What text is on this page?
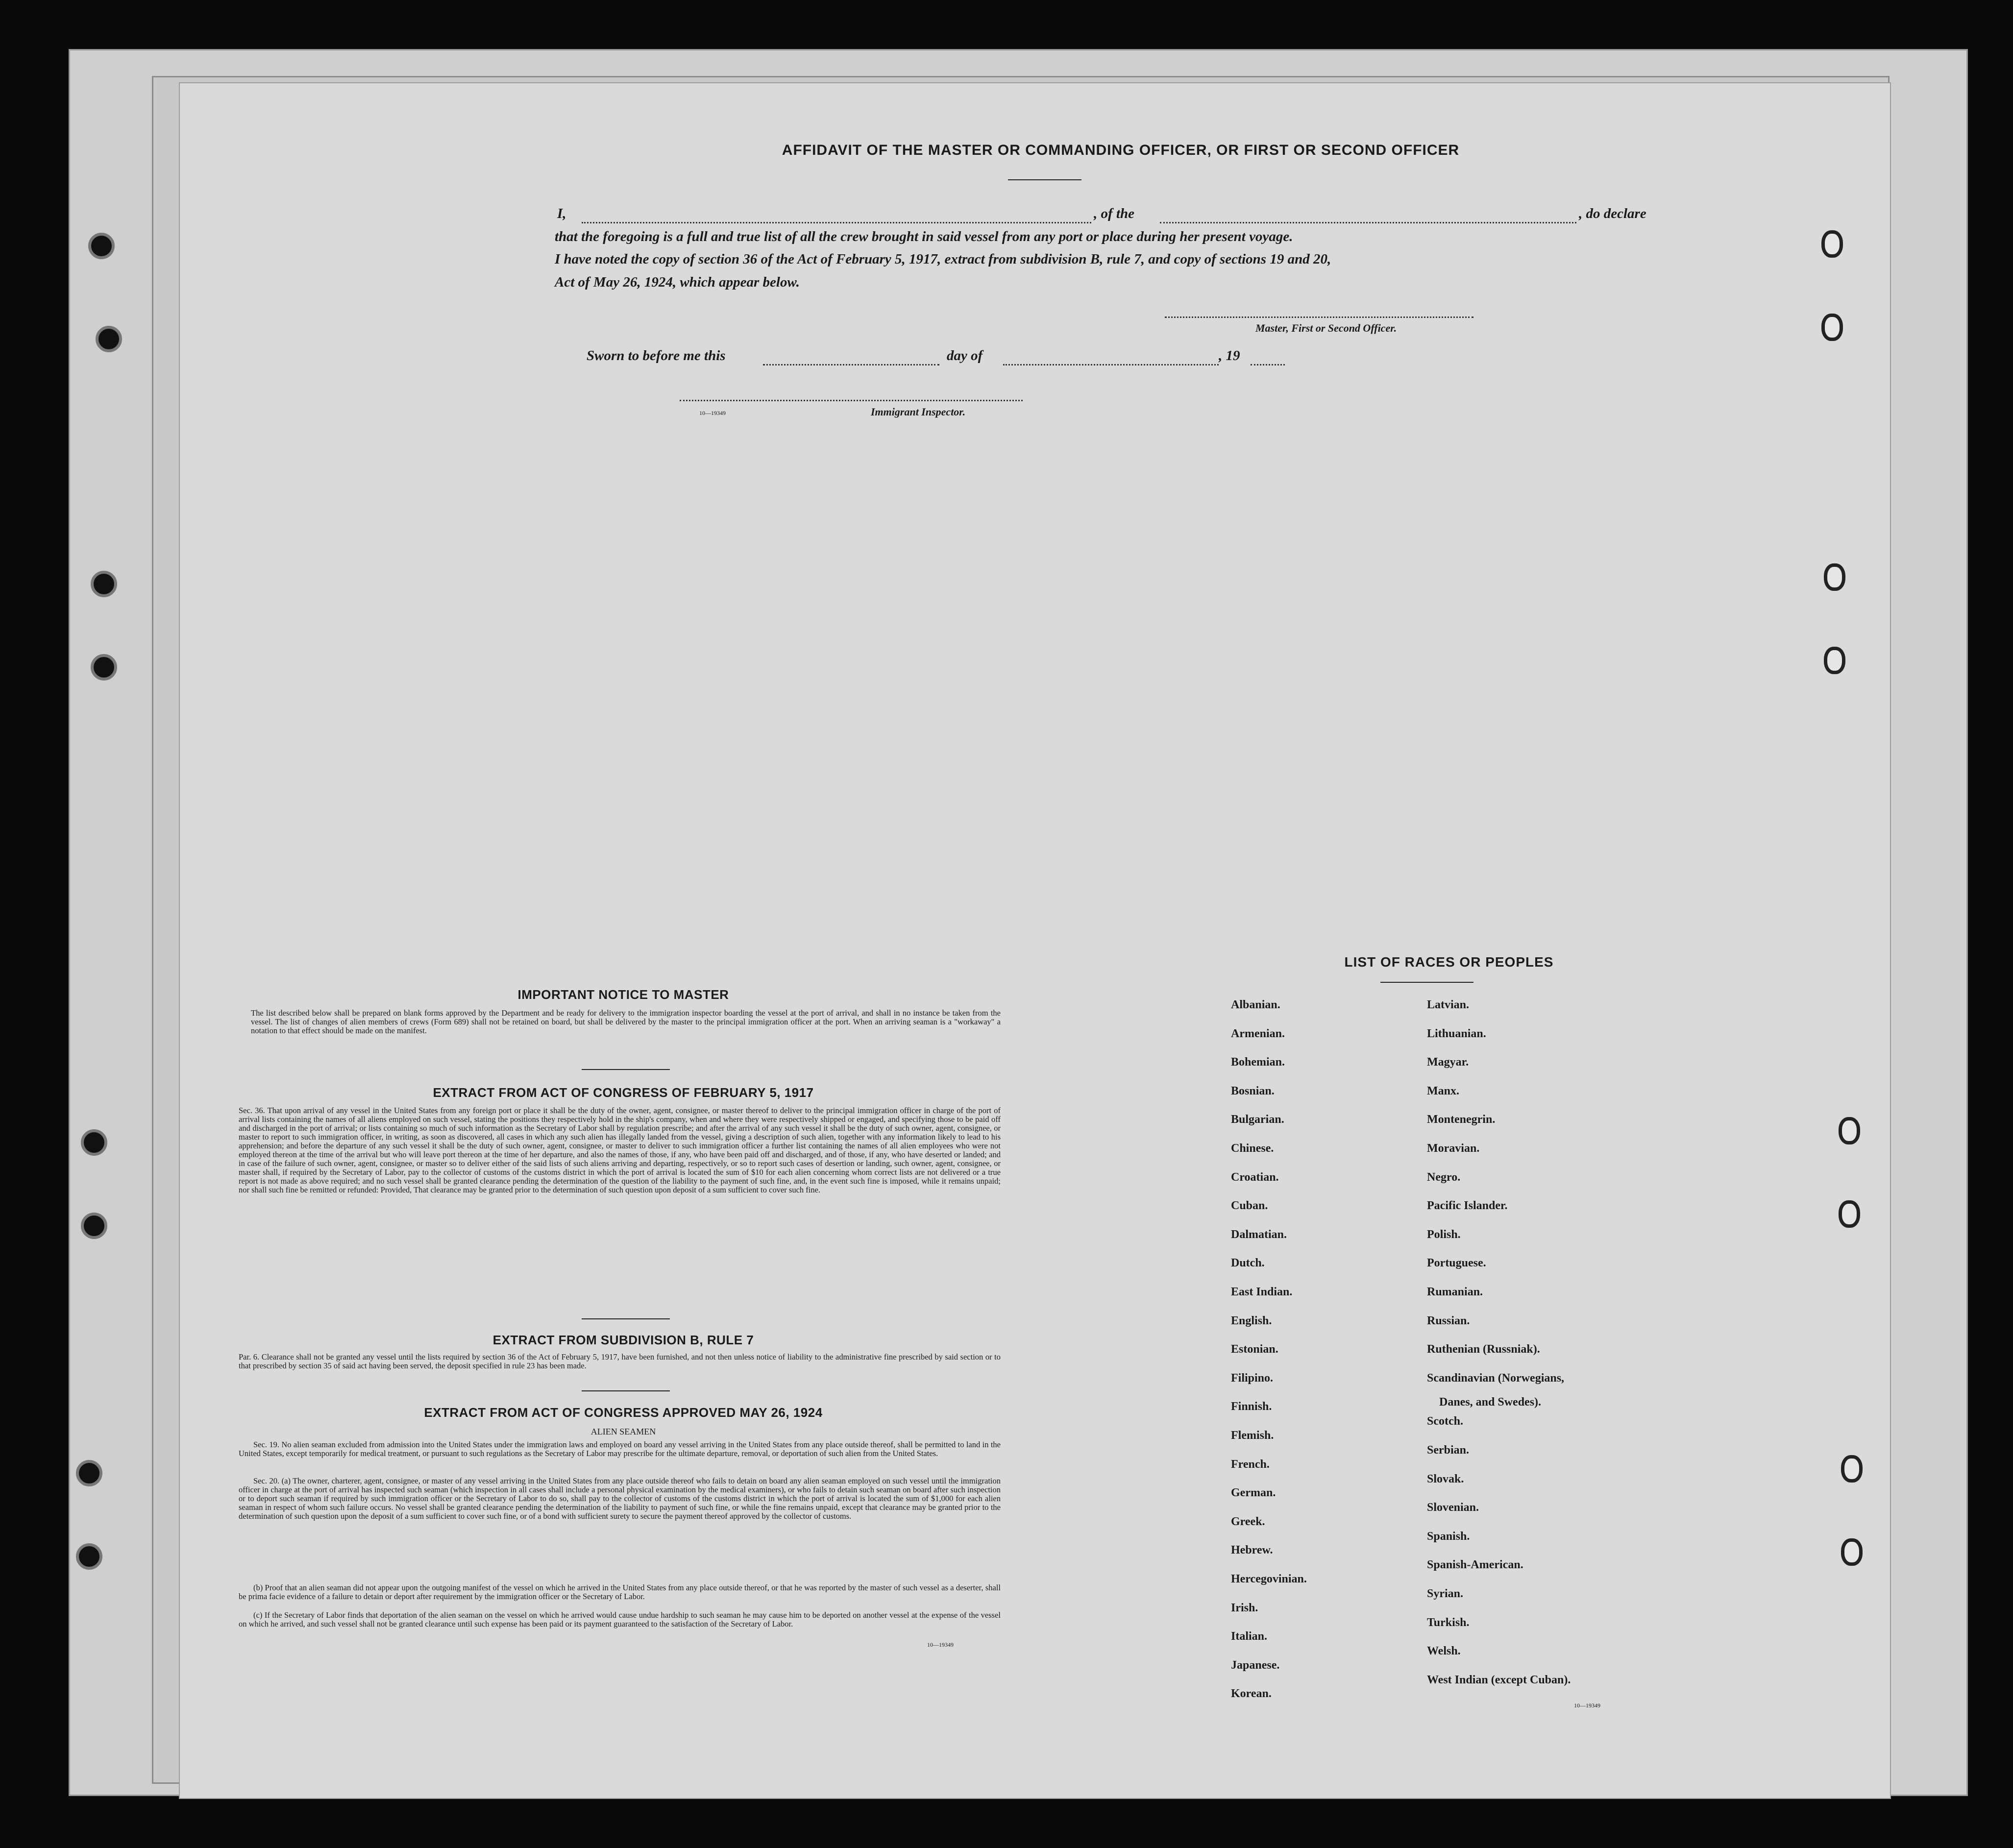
AFFIDAVIT OF THE MASTER OR COMMANDING OFFICER, OR FIRST OR SECOND OFFICER
I,	, of the	, do declare
that the foregoing is a full and true list of all the crew brought in said vessel from any port or place during her present voyage.
I have noted the copy of section 36 of the Act of February 5, 1917, extract from subdivision B, rule 7, and copy of sections 19 and 20,
Act of May 26, 1924, which appear below.
Master, First or Second Officer.
Sworn to before me this	day of	, 19
10—19349	Immigrant Inspector.
IMPORTANT NOTICE TO MASTER
The list described below shall be prepared on blank forms approved by the Department and be ready for delivery to the immigration inspector boarding the vessel at the port of arrival, and shall in no instance be taken from the vessel. The list of changes of alien members of crews (Form 689) shall not be retained on board, but shall be delivered by the master to the principal immigration officer at the port. When an arriving seaman is a "workaway" a notation to that effect should be made on the manifest.
EXTRACT FROM ACT OF CONGRESS OF FEBRUARY 5, 1917
Sec. 36. That upon arrival of any vessel in the United States from any foreign port or place it shall be the duty of the owner, agent, consignee, or master thereof to deliver to the principal immigration officer in charge of the port of arrival lists containing the names of all aliens employed on such vessel, stating the positions they respectively hold in the ship's company, when and where they were respectively shipped or engaged, and specifying those to be paid off and discharged in the port of arrival; or lists containing so much of such information as the Secretary of Labor shall by regulation prescribe; and after the arrival of any such vessel it shall be the duty of such owner, agent, consignee, or master to report to such immigration officer, in writing, as soon as discovered, all cases in which any such alien has illegally landed from the vessel, giving a description of such alien, together with any information likely to lead to his apprehension; and before the departure of any such vessel it shall be the duty of such owner, agent, consignee, or master to deliver to such immigration officer a further list containing the names of all alien employees who were not employed thereon at the time of the arrival but who will leave port thereon at the time of her departure, and also the names of those, if any, who have been paid off and discharged, and of those, if any, who have deserted or landed; and in case of the failure of such owner, agent, consignee, or master so to deliver either of the said lists of such aliens arriving and departing, respectively, or so to report such cases of desertion or landing, such owner, agent, consignee, or master shall, if required by the Secretary of Labor, pay to the collector of customs of the customs district in which the port of arrival is located the sum of $10 for each alien concerning whom correct lists are not delivered or a true report is not made as above required; and no such vessel shall be granted clearance pending the determination of the question of the liability to the payment of such fine, and, in the event such fine is imposed, while it remains unpaid; nor shall such fine be remitted or refunded: Provided, That clearance may be granted prior to the determination of such question upon deposit of a sum sufficient to cover such fine.
EXTRACT FROM SUBDIVISION B, RULE 7
Par. 6. Clearance shall not be granted any vessel until the lists required by section 36 of the Act of February 5, 1917, have been furnished, and not then unless notice of liability to the administrative fine prescribed by said section or to that prescribed by section 35 of said act having been served, the deposit specified in rule 23 has been made.
EXTRACT FROM ACT OF CONGRESS APPROVED MAY 26, 1924
ALIEN SEAMEN
Sec. 19. No alien seaman excluded from admission into the United States under the immigration laws and employed on board any vessel arriving in the United States from any place outside thereof, shall be permitted to land in the United States, except temporarily for medical treatment, or pursuant to such regulations as the Secretary of Labor may prescribe for the ultimate departure, removal, or deportation of such alien from the United States.
Sec. 20. (a) The owner, charterer, agent, consignee, or master of any vessel arriving in the United States from any place outside thereof who fails to detain on board any alien seaman employed on such vessel until the immigration officer in charge at the port of arrival has inspected such seaman (which inspection in all cases shall include a personal physical examination by the medical examiners), or who fails to detain such seaman on board after such inspection or to deport such seaman if required by such immigration officer or the Secretary of Labor to do so, shall pay to the collector of customs of the customs district in which the port of arrival is located the sum of $1,000 for each alien seaman in respect of whom such failure occurs. No vessel shall be granted clearance pending the determination of the liability to payment of such fine, or while the fine remains unpaid, except that clearance may be granted prior to the determination of such question upon the deposit of a sum sufficient to cover such fine, or of a bond with sufficient surety to secure the payment thereof approved by the collector of customs.
(b) Proof that an alien seaman did not appear upon the outgoing manifest of the vessel on which he arrived in the United States from any place outside thereof, or that he was reported by the master of such vessel as a deserter, shall be prima facie evidence of a failure to detain or deport after requirement by the immigration officer or the Secretary of Labor.
(c) If the Secretary of Labor finds that deportation of the alien seaman on the vessel on which he arrived would cause undue hardship to such seaman he may cause him to be deported on another vessel at the expense of the vessel on which he arrived, and such vessel shall not be granted clearance until such expense has been paid or its payment guaranteed to the satisfaction of the Secretary of Labor.
10—19349
LIST OF RACES OR PEOPLES
Albanian.
Armenian.
Bohemian.
Bosnian.
Bulgarian.
Chinese.
Croatian.
Cuban.
Dalmatian.
Dutch.
East Indian.
English.
Estonian.
Filipino.
Finnish.
Flemish.
French.
German.
Greek.
Hebrew.
Hercegovinian.
Irish.
Italian.
Japanese.
Korean.
Latvian.
Lithuanian.
Magyar.
Manx.
Montenegrin.
Moravian.
Negro.
Pacific Islander.
Polish.
Portuguese.
Rumanian.
Russian.
Ruthenian (Russniak).
Scandinavian (Norwegians,
Scotch.
Serbian.
Slovak.
Slovenian.
Spanish.
Spanish-American.
Syrian.
Turkish.
Welsh.
West Indian (except Cuban).
Danes, and Swedes).
10—19349
